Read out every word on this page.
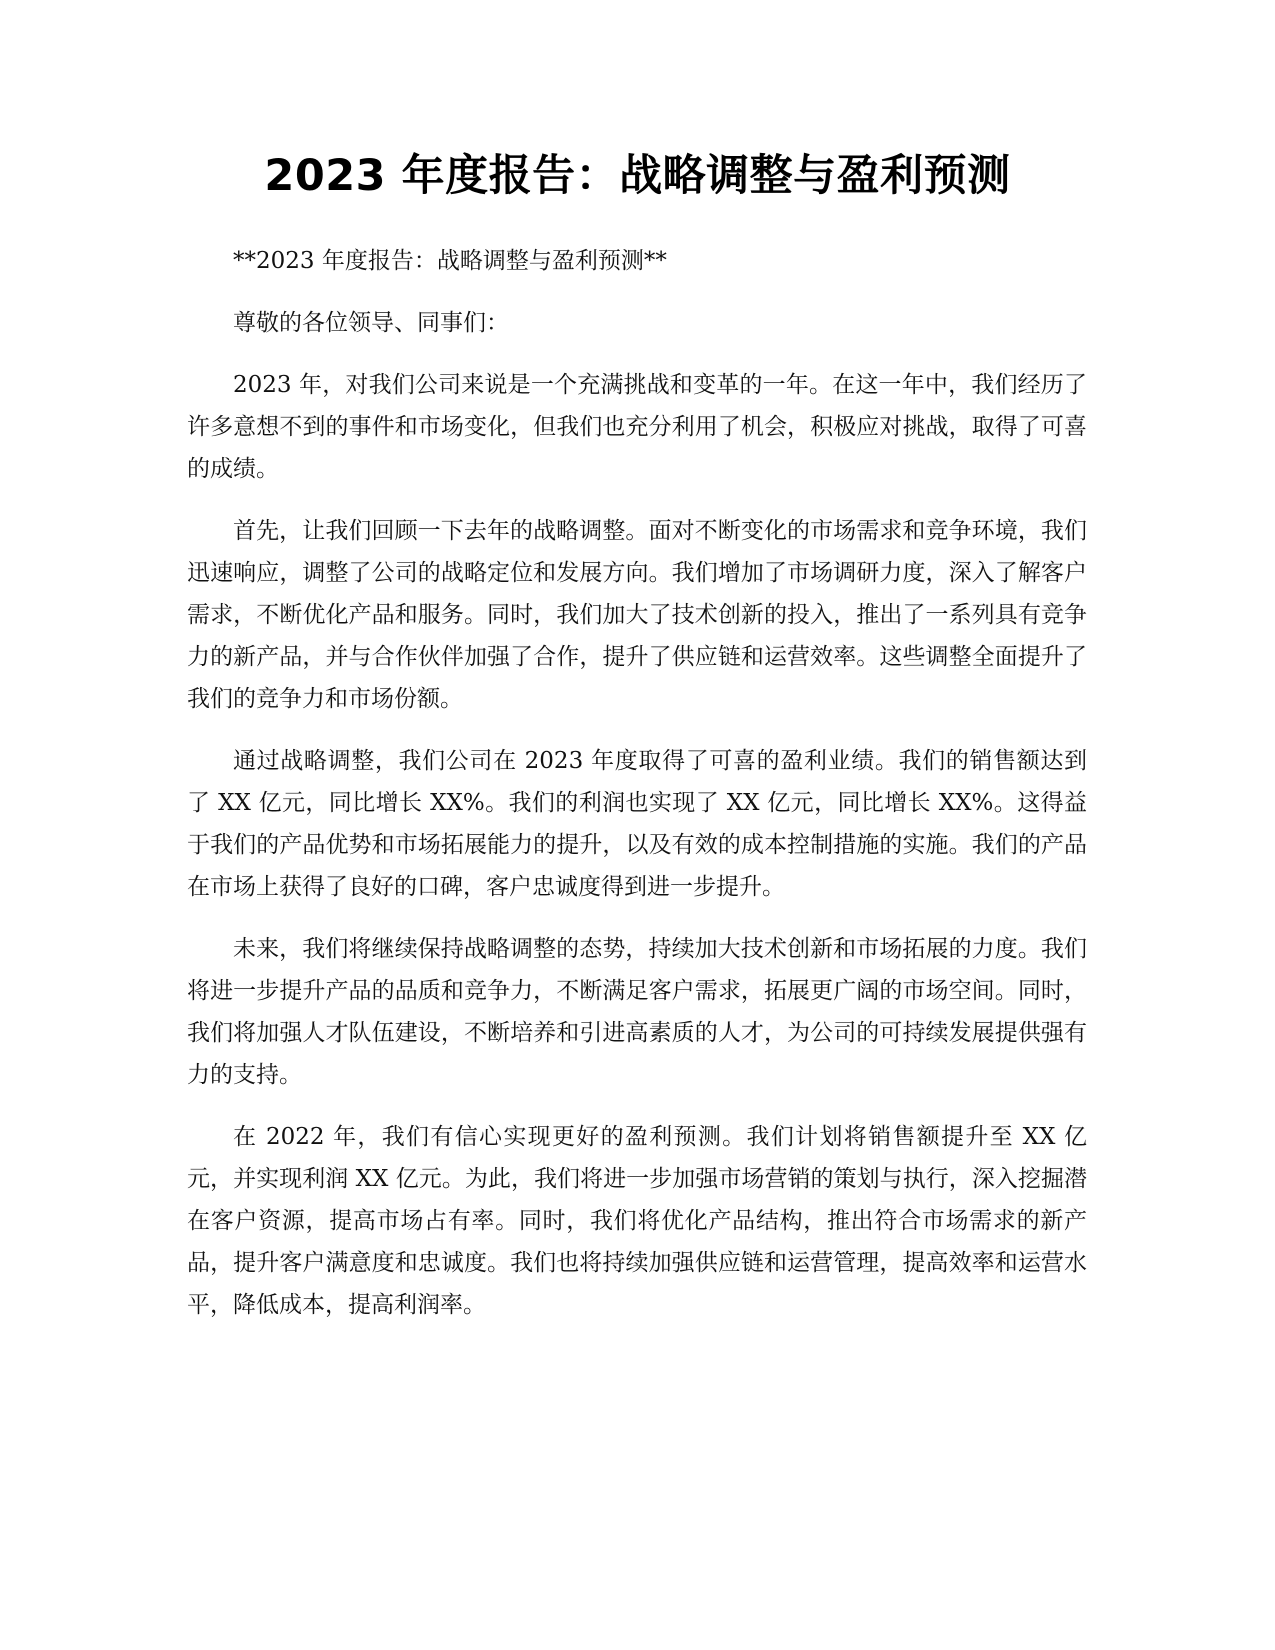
2023 年度报告：战略调整与盈利预测

**2023 年度报告：战略调整与盈利预测**

尊敬的各位领导、同事们：

2023 年，对我们公司来说是一个充满挑战和变革的一年。在这一年中，我们经历了许多意想不到的事件和市场变化，但我们也充分利用了机会，积极应对挑战，取得了可喜的成绩。

首先，让我们回顾一下去年的战略调整。面对不断变化的市场需求和竞争环境，我们迅速响应，调整了公司的战略定位和发展方向。我们增加了市场调研力度，深入了解客户需求，不断优化产品和服务。同时，我们加大了技术创新的投入，推出了一系列具有竞争力的新产品，并与合作伙伴加强了合作，提升了供应链和运营效率。这些调整全面提升了我们的竞争力和市场份额。

通过战略调整，我们公司在 2023 年度取得了可喜的盈利业绩。我们的销售额达到了 XX 亿元，同比增长 XX%。我们的利润也实现了 XX 亿元，同比增长 XX%。这得益于我们的产品优势和市场拓展能力的提升，以及有效的成本控制措施的实施。我们的产品在市场上获得了良好的口碑，客户忠诚度得到进一步提升。

未来，我们将继续保持战略调整的态势，持续加大技术创新和市场拓展的力度。我们将进一步提升产品的品质和竞争力，不断满足客户需求，拓展更广阔的市场空间。同时，我们将加强人才队伍建设，不断培养和引进高素质的人才，为公司的可持续发展提供强有力的支持。

在 2022 年，我们有信心实现更好的盈利预测。我们计划将销售额提升至 XX 亿元，并实现利润 XX 亿元。为此，我们将进一步加强市场营销的策划与执行，深入挖掘潜在客户资源，提高市场占有率。同时，我们将优化产品结构，推出符合市场需求的新产品，提升客户满意度和忠诚度。我们也将持续加强供应链和运营管理，提高效率和运营水平，降低成本，提高利润率。
